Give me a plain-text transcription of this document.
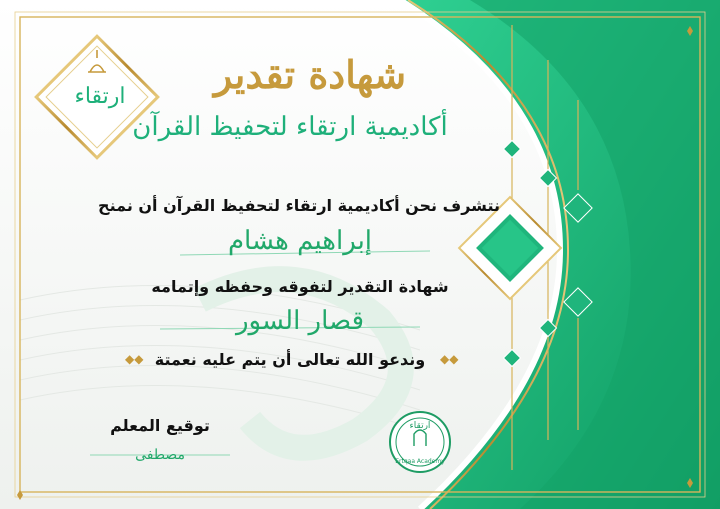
ارتقاء	شهادة تقدير
أكاديمية ارتقاء لتحفيظ القرآن
نتشرف نحن أكاديمية ارتقاء لتحفيظ القرآن أن نمنح
إبراهيم هشام
شهادة التقدير لتفوقه وحفظه وإتمامه
قصار السور
◆◆ وندعو الله تعالى أن يتم عليه نعمتة	◆◆
توقيع المعلم
مصطفى
ارتقاء
Ertqaa Academy
